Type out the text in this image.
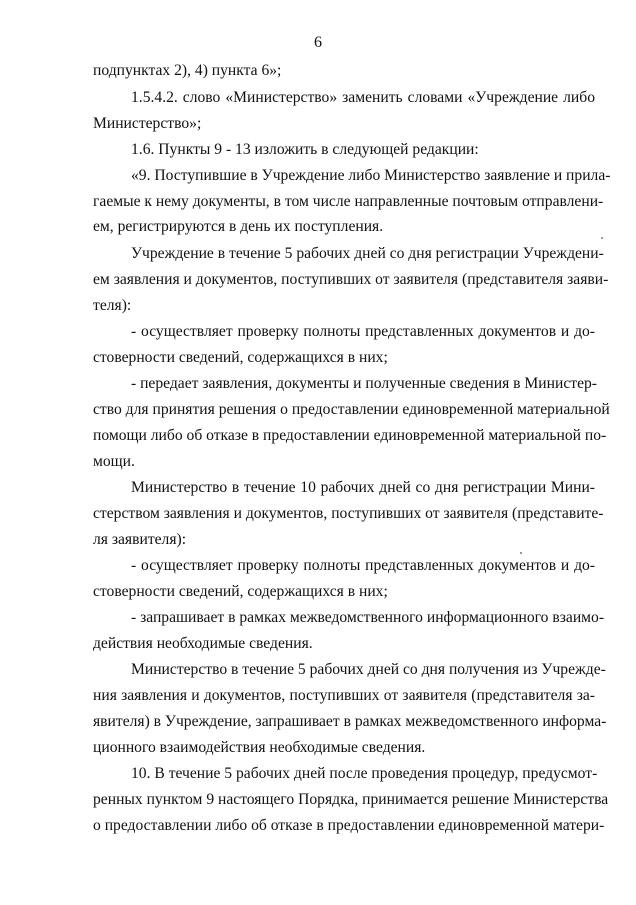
6
подпунктах 2), 4) пункта 6»;
1.5.4.2. слово «Министерство» заменить словами «Учреждение либо
Министерство»;
1.6. Пункты 9 - 13 изложить в следующей редакции:
«9. Поступившие в Учреждение либо Министерство заявление и прила-
гаемые к нему документы, в том числе направленные почтовым отправлени-
ем, регистрируются в день их поступления.
Учреждение в течение 5 рабочих дней со дня регистрации Учреждени-
ем заявления и документов, поступивших от заявителя (представителя заяви-
теля):
- осуществляет проверку полноты представленных документов и до-
стоверности сведений, содержащихся в них;
- передает заявления, документы и полученные сведения в Министер-
ство для принятия решения о предоставлении единовременной материальной
помощи либо об отказе в предоставлении единовременной материальной по-
мощи.
Министерство в течение 10 рабочих дней со дня регистрации Мини-
стерством заявления и документов, поступивших от заявителя (представите-
ля заявителя):
- осуществляет проверку полноты представленных документов и до-
стоверности сведений, содержащихся в них;
- запрашивает в рамках межведомственного информационного взаимо-
действия необходимые сведения.
Министерство в течение 5 рабочих дней со дня получения из Учрежде-
ния заявления и документов, поступивших от заявителя (представителя за-
явителя) в Учреждение, запрашивает в рамках межведомственного информа-
ционного взаимодействия необходимые сведения.
10. В течение 5 рабочих дней после проведения процедур, предусмот-
ренных пунктом 9 настоящего Порядка, принимается решение Министерства
о предоставлении либо об отказе в предоставлении единовременной матери-
